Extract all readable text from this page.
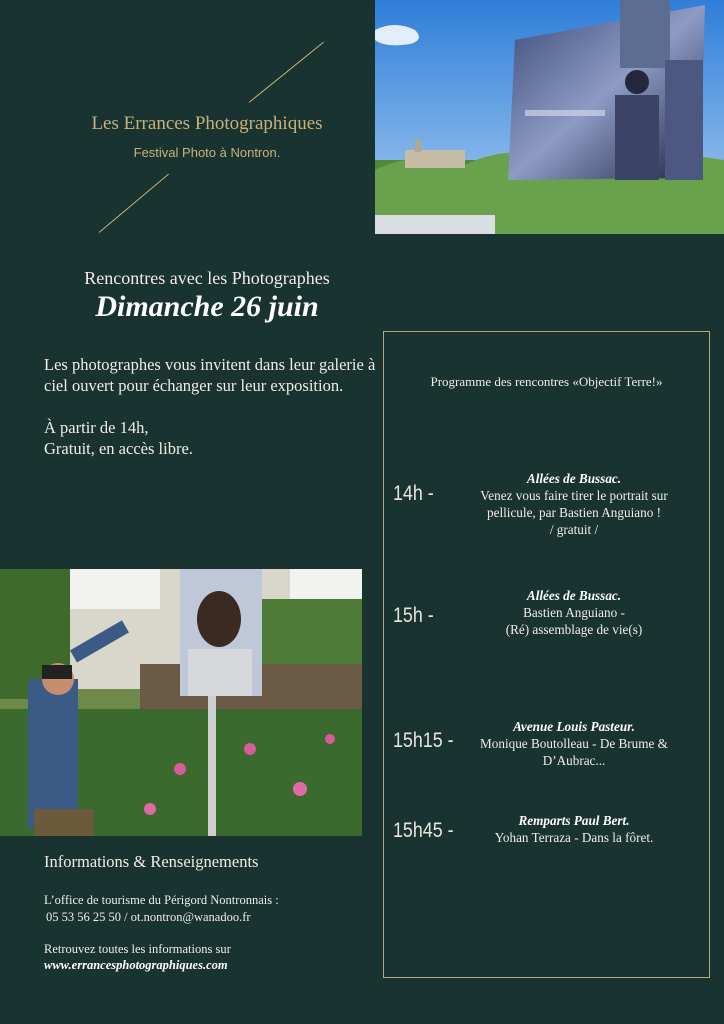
Les Errances Photographiques
Festival Photo à Nontron.
Rencontres avec les Photographes
Dimanche 26 juin

Les photographes vous invitent dans leur galerie à ciel ouvert pour échanger sur leur exposition.

À partir de 14h,

Gratuit, en accès libre.

Informations & Renseignements
L’office de tourisme du Périgord Nontronnais :
05 53 56 25 50 / ot.nontron@wanadoo.fr
Retrouvez toutes les informations sur
www.errancesphotographiques.com
Programme des rencontres «Objectif Terre!»
14h -
Allées de Bussac.
Venez vous faire tirer le portrait sur
pellicule, par Bastien Anguiano !
/ gratuit /
15h -
Allées de Bussac.
Bastien Anguiano -
(Ré) assemblage de vie(s)
15h15 -
Avenue Louis Pasteur.
Monique Boutolleau - De Brume &
D’Aubrac...
15h45 -	Remparts Paul Bert.
Yohan Terraza - Dans la fôret.
